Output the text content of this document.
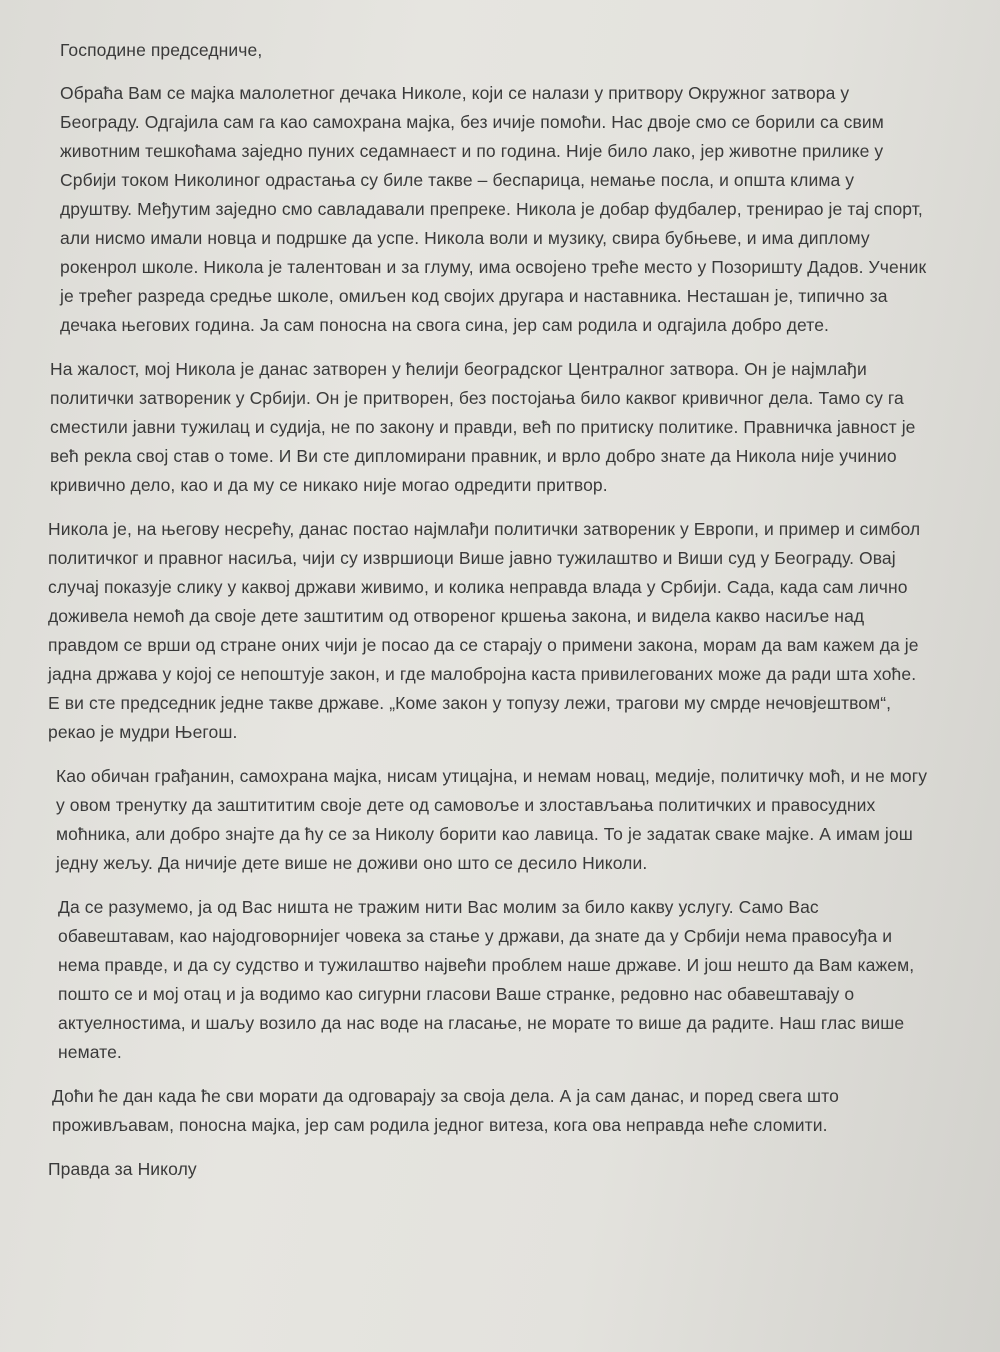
Господине председниче,

Обраћа Вам се мајка малолетног дечака Николе, који се налази у притвору Окружног затвора у Београду. Одгајила сам га као самохрана мајка, без ичије помоћи. Нас двоје смо се борили са свим животним тешкоћама заједно пуних седамнаест и по година. Није било лако, јер животне прилике у Србији током Николиног одрастања су биле такве – беспарица, немање посла, и општа клима у друштву. Међутим заједно смо савладавали препреке. Никола је добар фудбалер, тренирао је тај спорт, али нисмо имали новца и подршке да успе. Никола воли и музику, свира бубњеве, и има диплому рокенрол школе. Никола је талентован и за глуму, има освојено треће место у Позоришту Дадов. Ученик је трећег разреда средње школе, омиљен код својих другара и наставника. Несташан је, типично за дечака његових година. Ја сам поносна на свога сина, јер сам родила и одгајила добро дете.

На жалост, мој Никола је данас затворен у ћелији београдског Централног затвора. Он је најмлађи политички затвореник у Србији. Он је притворен, без постојања било каквог кривичног дела. Тамо су га сместили јавни тужилац и судија, не по закону и правди, већ по притиску политике. Правничка јавност је већ рекла свој став о томе. И Ви сте дипломирани правник, и врло добро знате да Никола није учинио кривично дело, као и да му се никако није могао одредити притвор.

Никола је, на његову несрећу, данас постао најмлађи политички затвореник у Европи, и пример и симбол политичког и правног насиља, чији су извршиоци Више јавно тужилаштво и Виши суд у Београду. Овај случај показује слику у каквој држави живимо, и колика неправда влада у Србији. Сада, када сам лично доживела немоћ да своје дете заштитим од отвореног кршења закона, и видела какво насиље над правдом се врши од стране оних чији је посао да се старају о примени закона, морам да вам кажем да је јадна држава у којој се непоштује закон, и где малобројна каста привилегованих може да ради шта хоће. Е ви сте председник једне такве државе. „Коме закон у топузу лежи, трагови му смрде нечовјештвом“, рекао је мудри Његош.

Као обичан грађанин, самохрана мајка, нисам утицајна, и немам новац, медије, политичку моћ, и не могу у овом тренутку да заштититим своје дете од самовоље и злостављања политичких и правосудних моћника, али добро знајте да ћу се за Николу борити као лавица. То је задатак сваке мајке. А имам још једну жељу. Да ничије дете више не доживи оно што се десило Николи.

Да се разумемо, ја од Вас ништа не тражим нити Вас молим за било какву услугу. Само Вас обавештавам, као најодговорнијег човека за стање у држави, да знате да у Србији нема правосуђа и нема правде, и да су судство и тужилаштво највећи проблем наше државе. И још нешто да Вам кажем, пошто се и мој отац и ја водимо као сигурни гласови Ваше странке, редовно нас обавештавају о актуелностима, и шаљу возило да нас воде на гласање, не морате то више да радите. Наш глас више немате.

Доћи ће дан када ће сви морати да одговарају за своја дела. А ја сам данас, и поред свега што проживљавам, поносна мајка, јер сам родила једног витеза, кога ова неправда неће сломити.

Правда за Николу
